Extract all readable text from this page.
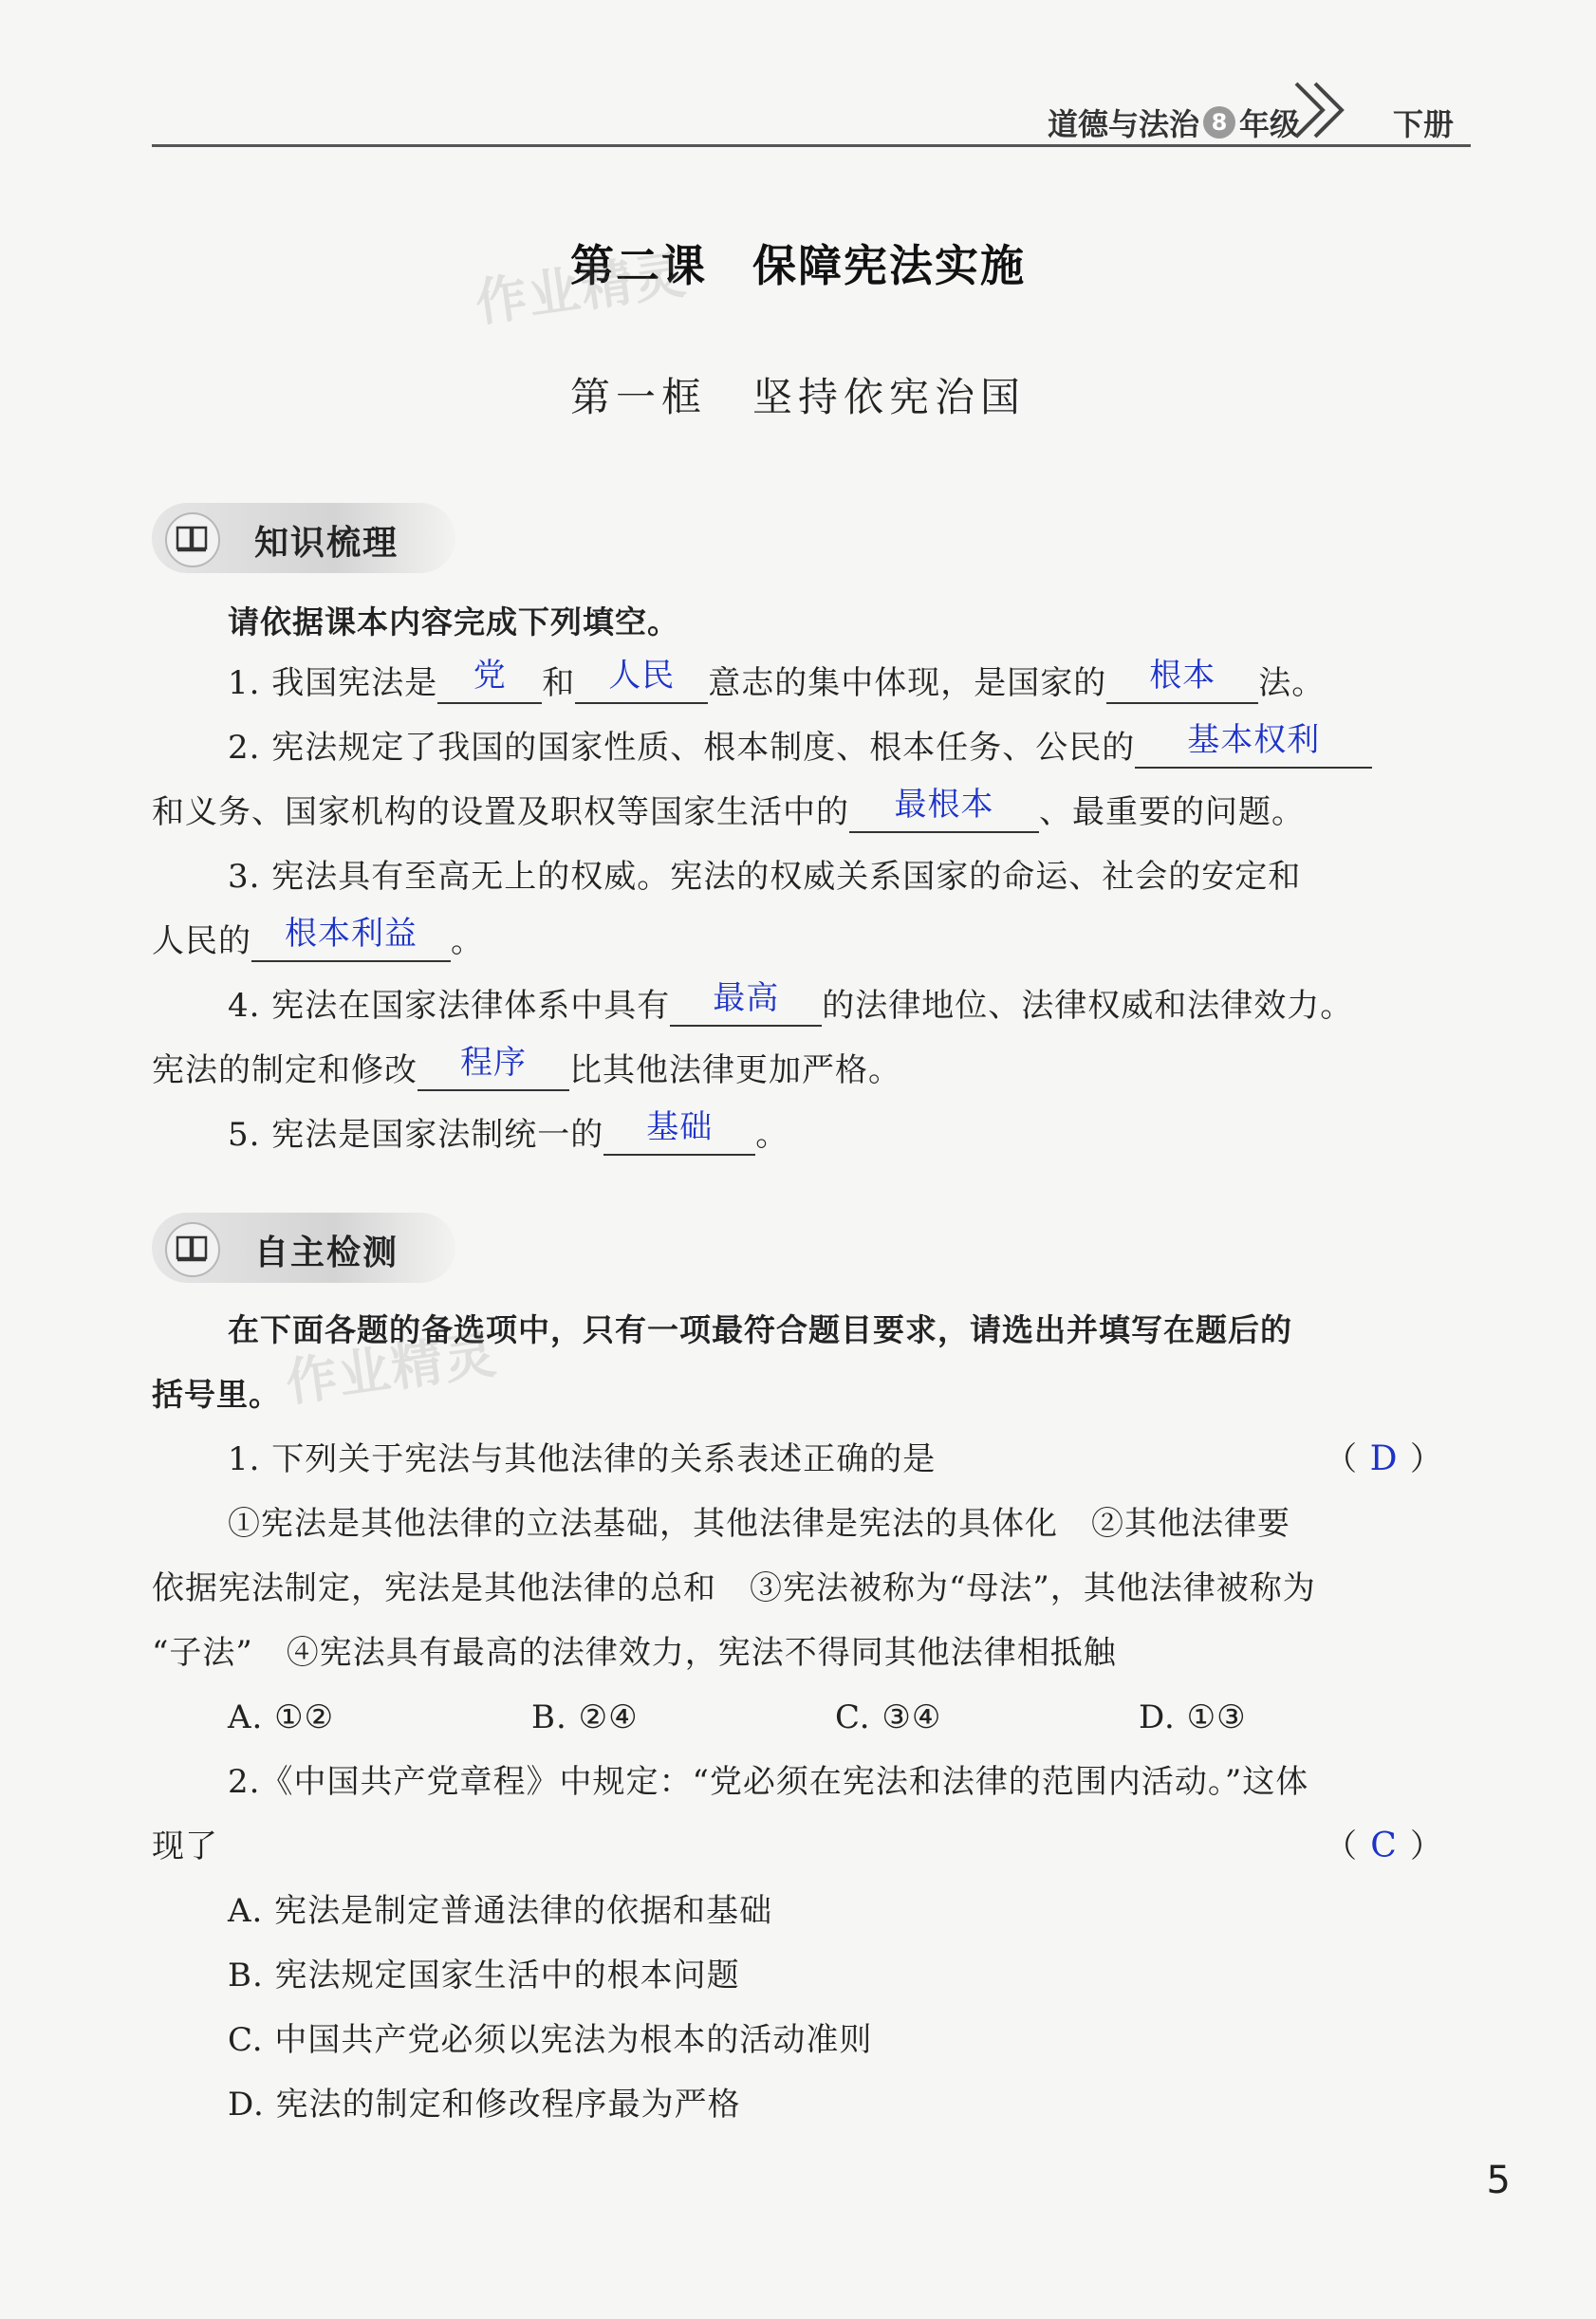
道德与法治 8 年级	下册
第二课　保障宪法实施
作业精灵
第一框　坚持依宪治国
知识梳理
请依据课本内容完成下列填空。
1. 我国宪法是	党	和	人民	意志的集中体现，是国家的	根本	法。
2. 宪法规定了我国的国家性质、根本制度、根本任务、公民的	基本权利
和义务、国家机构的设置及职权等国家生活中的	最根本	、最重要的问题。
3. 宪法具有至高无上的权威。宪法的权威关系国家的命运、社会的安定和
人民的	根本利益	。
4. 宪法在国家法律体系中具有	最高	的法律地位、法律权威和法律效力。
宪法的制定和修改	程序	比其他法律更加严格。
5. 宪法是国家法制统一的	基础	。
自主检测
在下面各题的备选项中，只有一项最符合题目要求，请选出并填写在题后的
括号里。 作业精灵
1. 下列关于宪法与其他法律的关系表述正确的是	（ D ）
①宪法是其他法律的立法基础，其他法律是宪法的具体化　②其他法律要
依据宪法制定，宪法是其他法律的总和　③宪法被称为“母法”，其他法律被称为
“子法”　④宪法具有最高的法律效力，宪法不得同其他法律相抵触
A. ①②	B. ②④	C. ③④	D. ①③
2.《中国共产党章程》中规定：“党必须在宪法和法律的范围内活动。”这体
现了	（ C ）
A. 宪法是制定普通法律的依据和基础
B. 宪法规定国家生活中的根本问题
C. 中国共产党必须以宪法为根本的活动准则
D. 宪法的制定和修改程序最为严格
5
